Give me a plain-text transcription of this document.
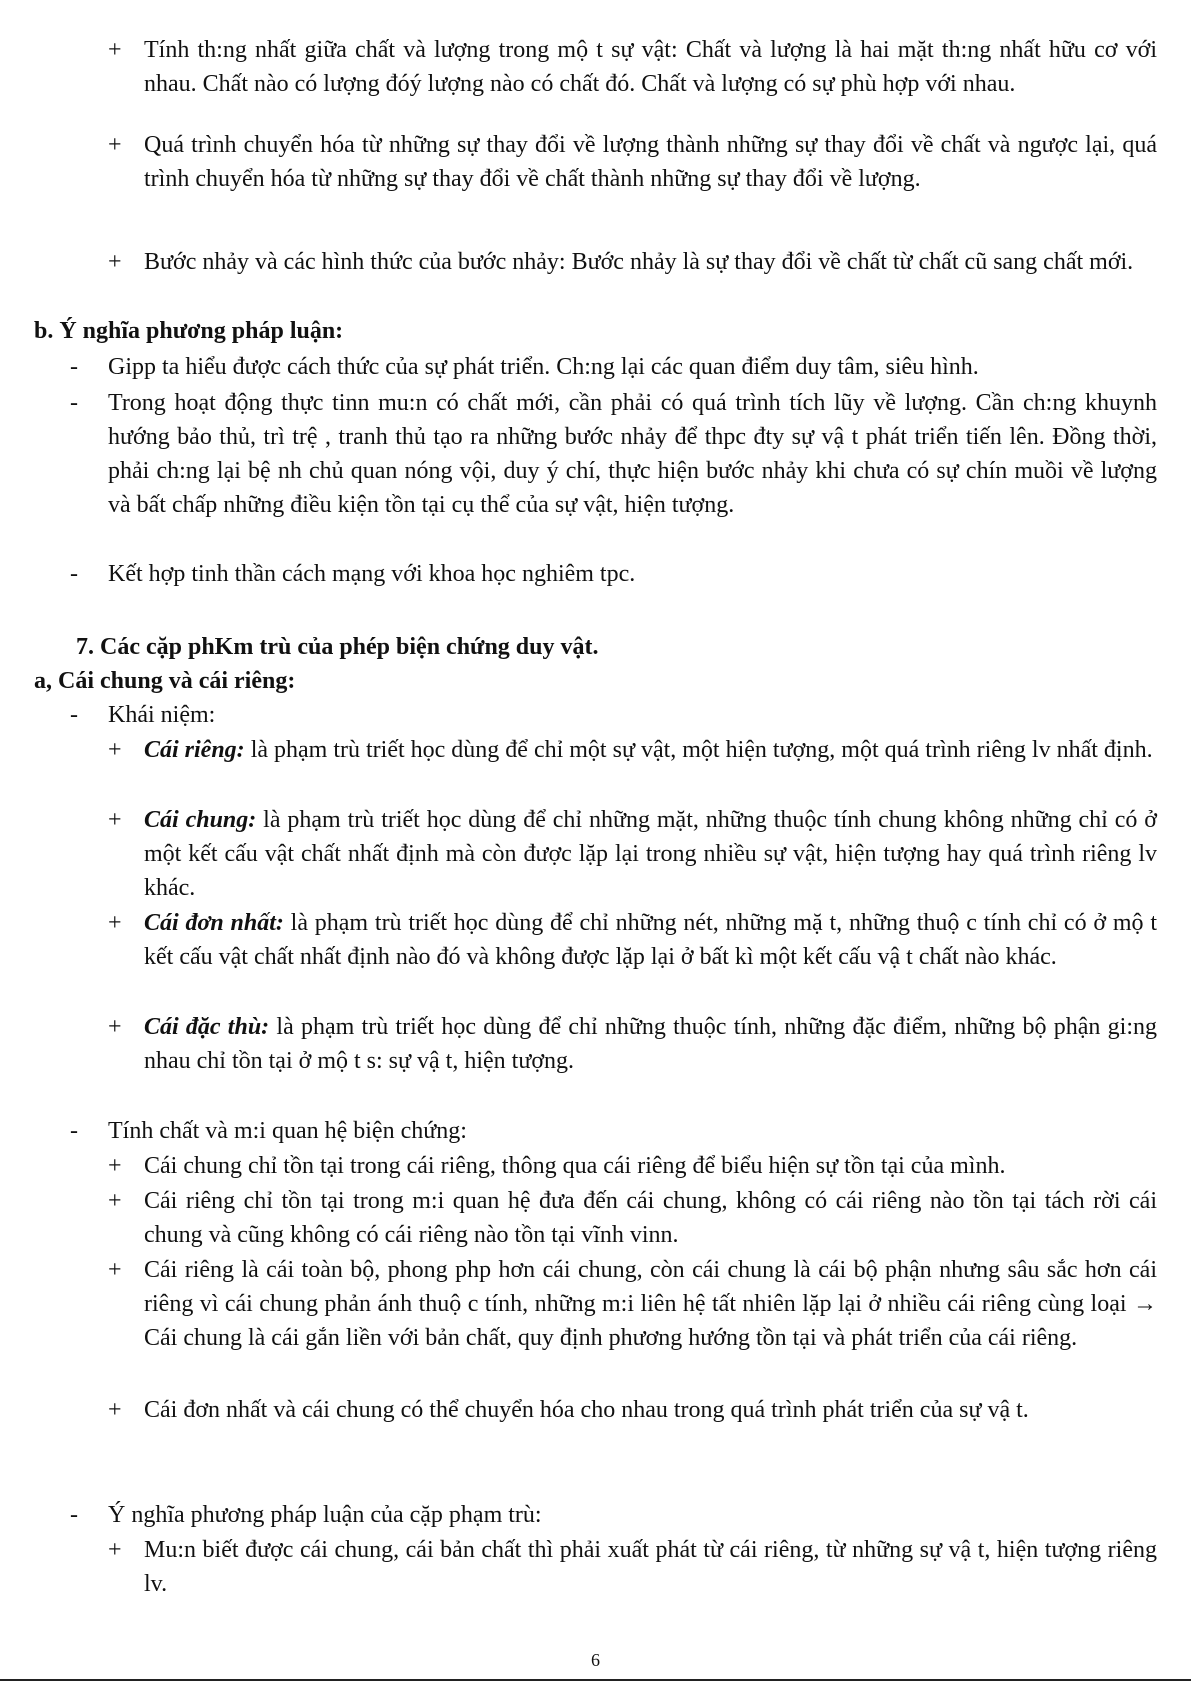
+ Tính th:ng nhất giữa chất và lượng trong mộ t sự vật: Chất và lượng là hai mặt th:ng nhất hữu cơ với nhau. Chất nào có lượng đóý lượng nào có chất đó. Chất và lượng có sự phù hợp với nhau.
+ Quá trình chuyển hóa từ những sự thay đổi về lượng thành những sự thay đổi về chất và ngược lại, quá trình chuyển hóa từ những sự thay đổi về chất thành những sự thay đổi về lượng.
+ Bước nhảy và các hình thức của bước nhảy: Bước nhảy là sự thay đổi về chất từ chất cũ sang chất mới.
b. Ý nghĩa phương pháp luận:
- Gipp ta hiểu được cách thức của sự phát triển. Ch:ng lại các quan điểm duy tâm, siêu hình.
- Trong hoạt động thực tinn mu:n có chất mới, cần phải có quá trình tích lũy về lượng. Cần ch:ng khuynh hướng bảo thủ, trì trệ , tranh thủ tạo ra những bước nhảy để thpc đty sự vậ t phát triển tiến lên. Đồng thời, phải ch:ng lại bệ nh chủ quan nóng vội, duy ý chí, thực hiện bước nhảy khi chưa có sự chín muồi về lượng và bất chấp những điều kiện tồn tại cụ thể của sự vật, hiện tượng.
- Kết hợp tinh thần cách mạng với khoa học nghiêm tpc.
7. Các cặp phKm trù của phép biện chứng duy vật.
a, Cái chung và cái riêng:
- Khái niệm:
+ Cái riêng: là phạm trù triết học dùng để chỉ một sự vật, một hiện tượng, một quá trình riêng lv nhất định.
+ Cái chung: là phạm trù triết học dùng để chỉ những mặt, những thuộc tính chung không những chỉ có ở một kết cấu vật chất nhất định mà còn được lặp lại trong nhiều sự vật, hiện tượng hay quá trình riêng lv khác.
+ Cái đơn nhất: là phạm trù triết học dùng để chỉ những nét, những mặ t, những thuộ c tính chỉ có ở mộ t kết cấu vật chất nhất định nào đó và không được lặp lại ở bất kì một kết cấu vậ t chất nào khác.
+ Cái đặc thù: là phạm trù triết học dùng để chỉ những thuộc tính, những đặc điểm, những bộ phận gi:ng nhau chỉ tồn tại ở mộ t s: sự vậ t, hiện tượng.
- Tính chất và m:i quan hệ biện chứng:
+ Cái chung chỉ tồn tại trong cái riêng, thông qua cái riêng để biểu hiện sự tồn tại của mình.
+ Cái riêng chỉ tồn tại trong m:i quan hệ đưa đến cái chung, không có cái riêng nào tồn tại tách rời cái chung và cũng không có cái riêng nào tồn tại vĩnh vinn.
+ Cái riêng là cái toàn bộ, phong php hơn cái chung, còn cái chung là cái bộ phận nhưng sâu sắc hơn cái riêng vì cái chung phản ánh thuộ c tính, những m:i liên hệ tất nhiên lặp lại ở nhiều cái riêng cùng loại → Cái chung là cái gắn liền với bản chất, quy định phương hướng tồn tại và phát triển của cái riêng.
+ Cái đơn nhất và cái chung có thể chuyển hóa cho nhau trong quá trình phát triển của sự vậ t.
- Ý nghĩa phương pháp luận của cặp phạm trù:
+ Mu:n biết được cái chung, cái bản chất thì phải xuất phát từ cái riêng, từ những sự vậ t, hiện tượng riêng lv.
6
